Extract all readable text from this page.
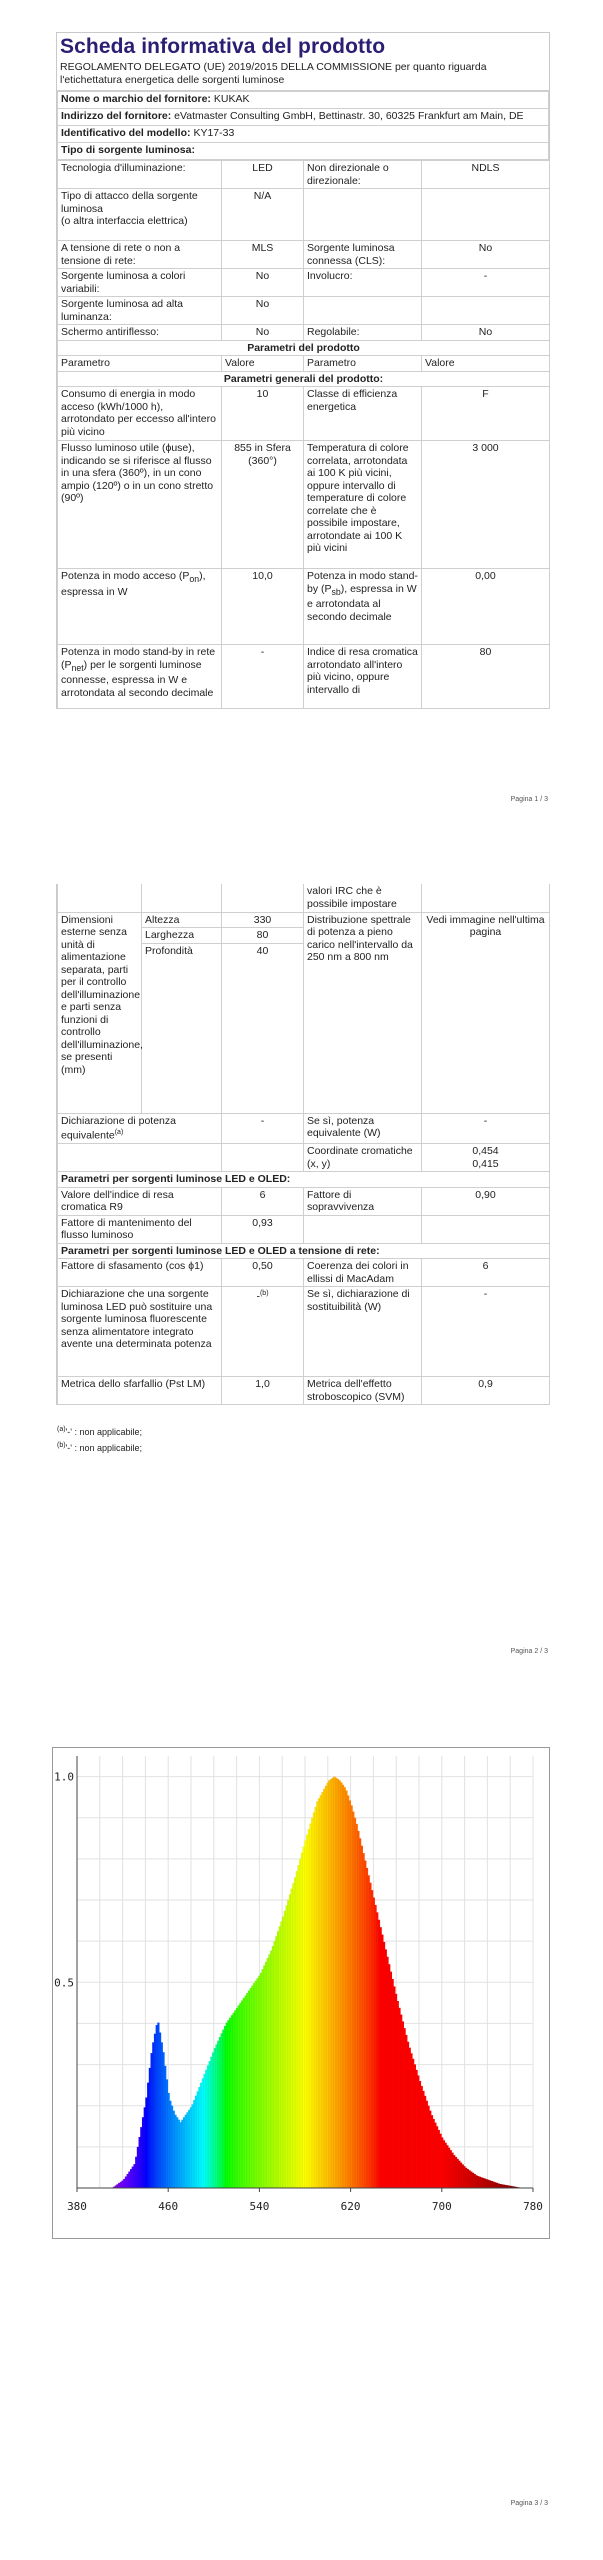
Scheda informativa del prodotto
REGOLAMENTO DELEGATO (UE) 2019/2015 DELLA COMMISSIONE per quanto riguarda l'etichettatura energetica delle sorgenti luminose
Nome o marchio del fornitore: KUKAK
Indirizzo del fornitore: eVatmaster Consulting GmbH, Bettinastr. 30, 60325 Frankfurt am Main, DE
Identificativo del modello: KY17-33
Tipo di sorgente luminosa:
Tecnologia d'illuminazione:	LED	Non direzionale o direzionale:	NDLS
Tipo di attacco della sorgente luminosa
(o altra interfaccia elettrica)	N/A		
A tensione di rete o non a tensione di rete:	MLS	Sorgente luminosa connessa (CLS):	No
Sorgente luminosa a colori variabili:	No	Involucro:	-
Sorgente luminosa ad alta luminanza:	No		
Schermo antiriflesso:	No	Regolabile:	No
Parametri del prodotto			
Parametro	Valore	Parametro	Valore
Parametri generali del prodotto:			
Consumo di energia in modo acceso (kWh/1000 h), arrotondato per eccesso all'intero più vicino	10	Classe di efficienza energetica	F
Flusso luminoso utile (ϕuse), indicando se si riferisce al flusso in una sfera (360º), in un cono ampio (120º) o in un cono stretto (90º)	855 in Sfera (360°)	Temperatura di colore correlata, arrotondata ai 100 K più vicini, oppure intervallo di temperature di colore correlate che è possibile impostare, arrotondate ai 100 K più vicini	3 000
Potenza in modo acceso $(P_{on})$, espressa in W	10,0	Potenza in modo stand-by $(P_{sb})$, espressa in W e arrotondata al secondo decimale	0,00
Potenza in modo stand-by in rete $(P_{net})$ per le sorgenti luminose connesse, espressa in W e arrotondata al secondo decimale	-	Indice di resa cromatica arrotondato all'intero più vicino, oppure intervallo di	80
Pagina 1 / 3
			valori IRC che è possibile impostare	
Dimensioni esterne senza unità di alimentazione separata, parti per il controllo dell'illuminazione e parti senza funzioni di controllo dell'illuminazione, se presenti (mm)	Altezza	330	Distribuzione spettrale di potenza a pieno carico nell'intervallo da 250 nm a 800 nm	Vedi immagine nell'ultima pagina
	Larghezza	80		
	Profondità	40		
Dichiarazione di potenza equivalente$^{(a)}$		-	Se sì, potenza equivalente (W)	-
			Coordinate cromatiche (x, y)	0,454
0,415
Parametri per sorgenti luminose LED e OLED:				
Valore dell'indice di resa cromatica R9		6	Fattore di sopravvivenza	0,90
Fattore di mantenimento del flusso luminoso		0,93		
Parametri per sorgenti luminose LED e OLED a tensione di rete:				
Fattore di sfasamento (cos ϕ1)		0,50	Coerenza dei colori in ellissi di MacAdam	6
Dichiarazione che una sorgente luminosa LED può sostituire una sorgente luminosa fluorescente senza alimentatore integrato avente una determinata potenza		-$^{(b)}$	Se sì, dichiarazione di sostituibilità (W)	-
Metrica dello sfarfallio (Pst LM)		1,0	Metrica dell'effetto stroboscopico (SVM)	0,9
$^{(a)}$'-' : non applicabile;
$^{(b)}$'-' : non applicabile;
Pagina 2 / 3
380	460	540	620	700	780
1.0
0.5
Pagina 3 / 3
